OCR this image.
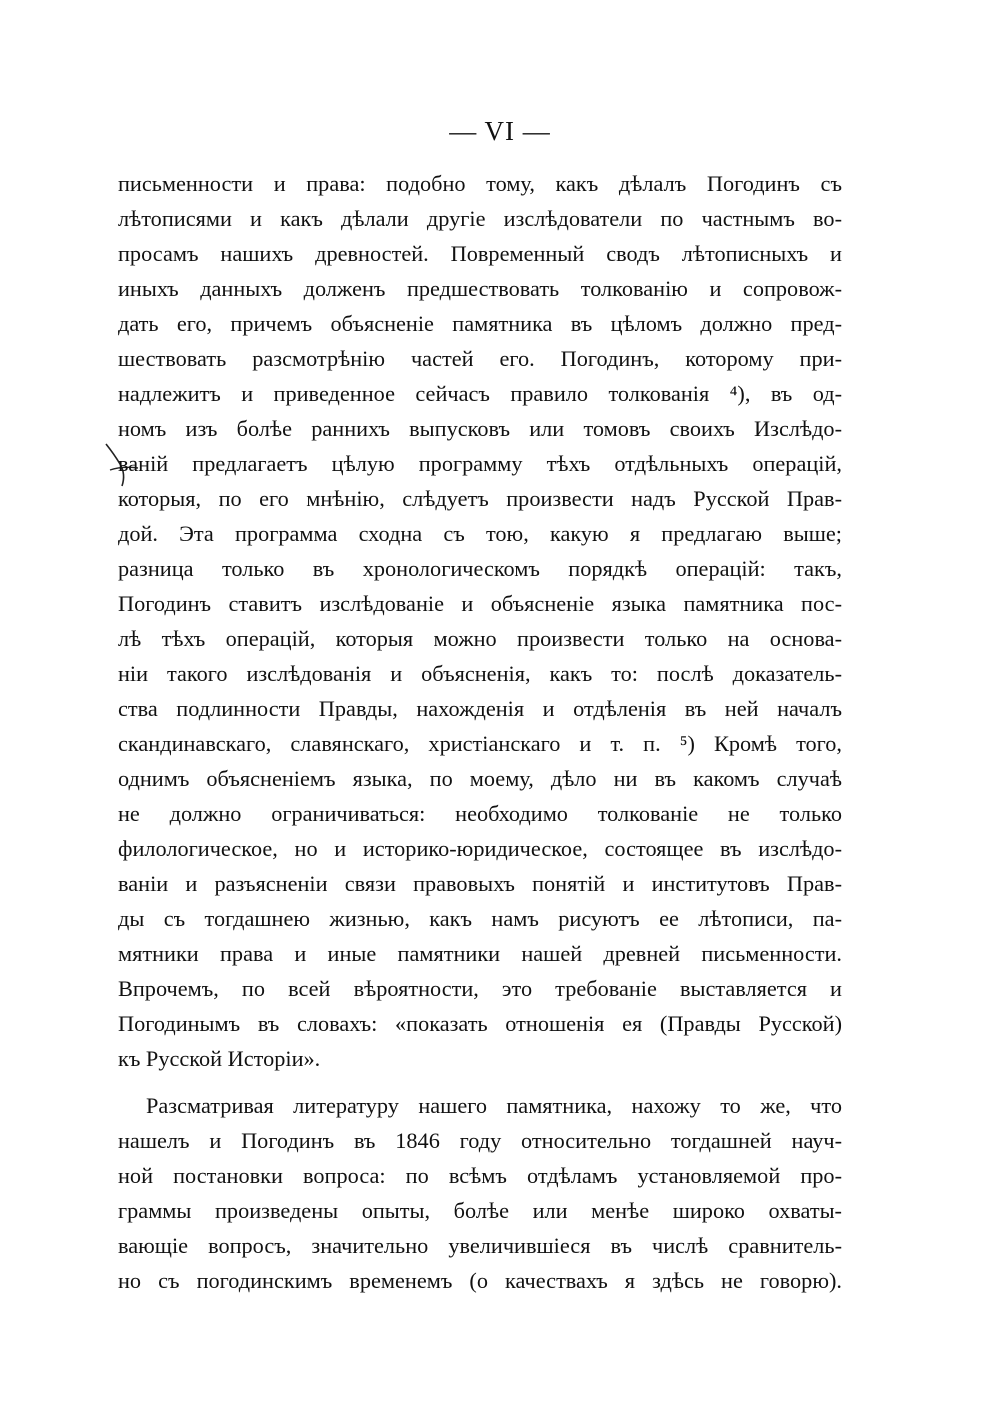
— VI —
письменности и права: подобно тому, какъ дѣлалъ Погодинъ съ
лѣтописями и какъ дѣлали другіе изслѣдователи по частнымъ во-
просамъ нашихъ древностей. Повременный сводъ лѣтописныхъ и
иныхъ данныхъ долженъ предшествовать толкованію и сопровож-
дать его, причемъ объясненіе памятника въ цѣломъ должно пред-
шествовать разсмотрѣнію частей его. Погодинъ, которому при-
надлежитъ и приведенное сейчасъ правило толкованія ⁴), въ од-
номъ изъ болѣе раннихъ выпусковъ или томовъ своихъ Изслѣдо-
ваній предлагаетъ цѣлую программу тѣхъ отдѣльныхъ операцій,
которыя, по его мнѣнію, слѣдуетъ произвести надъ Русской Прав-
дой. Эта программа сходна съ тою, какую я предлагаю выше;
разница только въ хронологическомъ порядкѣ операцій: такъ,
Погодинъ ставитъ изслѣдованіе и объясненіе языка памятника пос-
лѣ тѣхъ операцій, которыя можно произвести только на основа-
ніи такого изслѣдованія и объясненія, какъ то: послѣ доказатель-
ства подлинности Правды, нахожденія и отдѣленія въ ней началъ
скандинавскаго, славянскаго, христіанскаго и т. п. ⁵) Кромѣ того,
однимъ объясненіемъ языка, по моему, дѣло ни въ какомъ случаѣ
не должно ограничиваться: необходимо толкованіе не только
филологическое, но и историко-юридическое, состоящее въ изслѣдо-
ваніи и разъясненіи связи правовыхъ понятій и институтовъ Прав-
ды съ тогдашнею жизнью, какъ намъ рисуютъ ее лѣтописи, па-
мятники права и иные памятники нашей древней письменности.
Впрочемъ, по всей вѣроятности, это требованіе выставляется и
Погодинымъ въ словахъ: «показать отношенія ея (Правды Русской)
къ Русской Исторіи».
Разсматривая литературу нашего памятника, нахожу то же, что
нашелъ и Погодинъ въ 1846 году относительно тогдашней науч-
ной постановки вопроса: по всѣмъ отдѣламъ установляемой про-
граммы произведены опыты, болѣе или менѣе широко охваты-
вающіе вопросъ, значительно увеличившіеся въ числѣ сравнитель-
но съ погодинскимъ временемъ (о качествахъ я здѣсь не говорю).
